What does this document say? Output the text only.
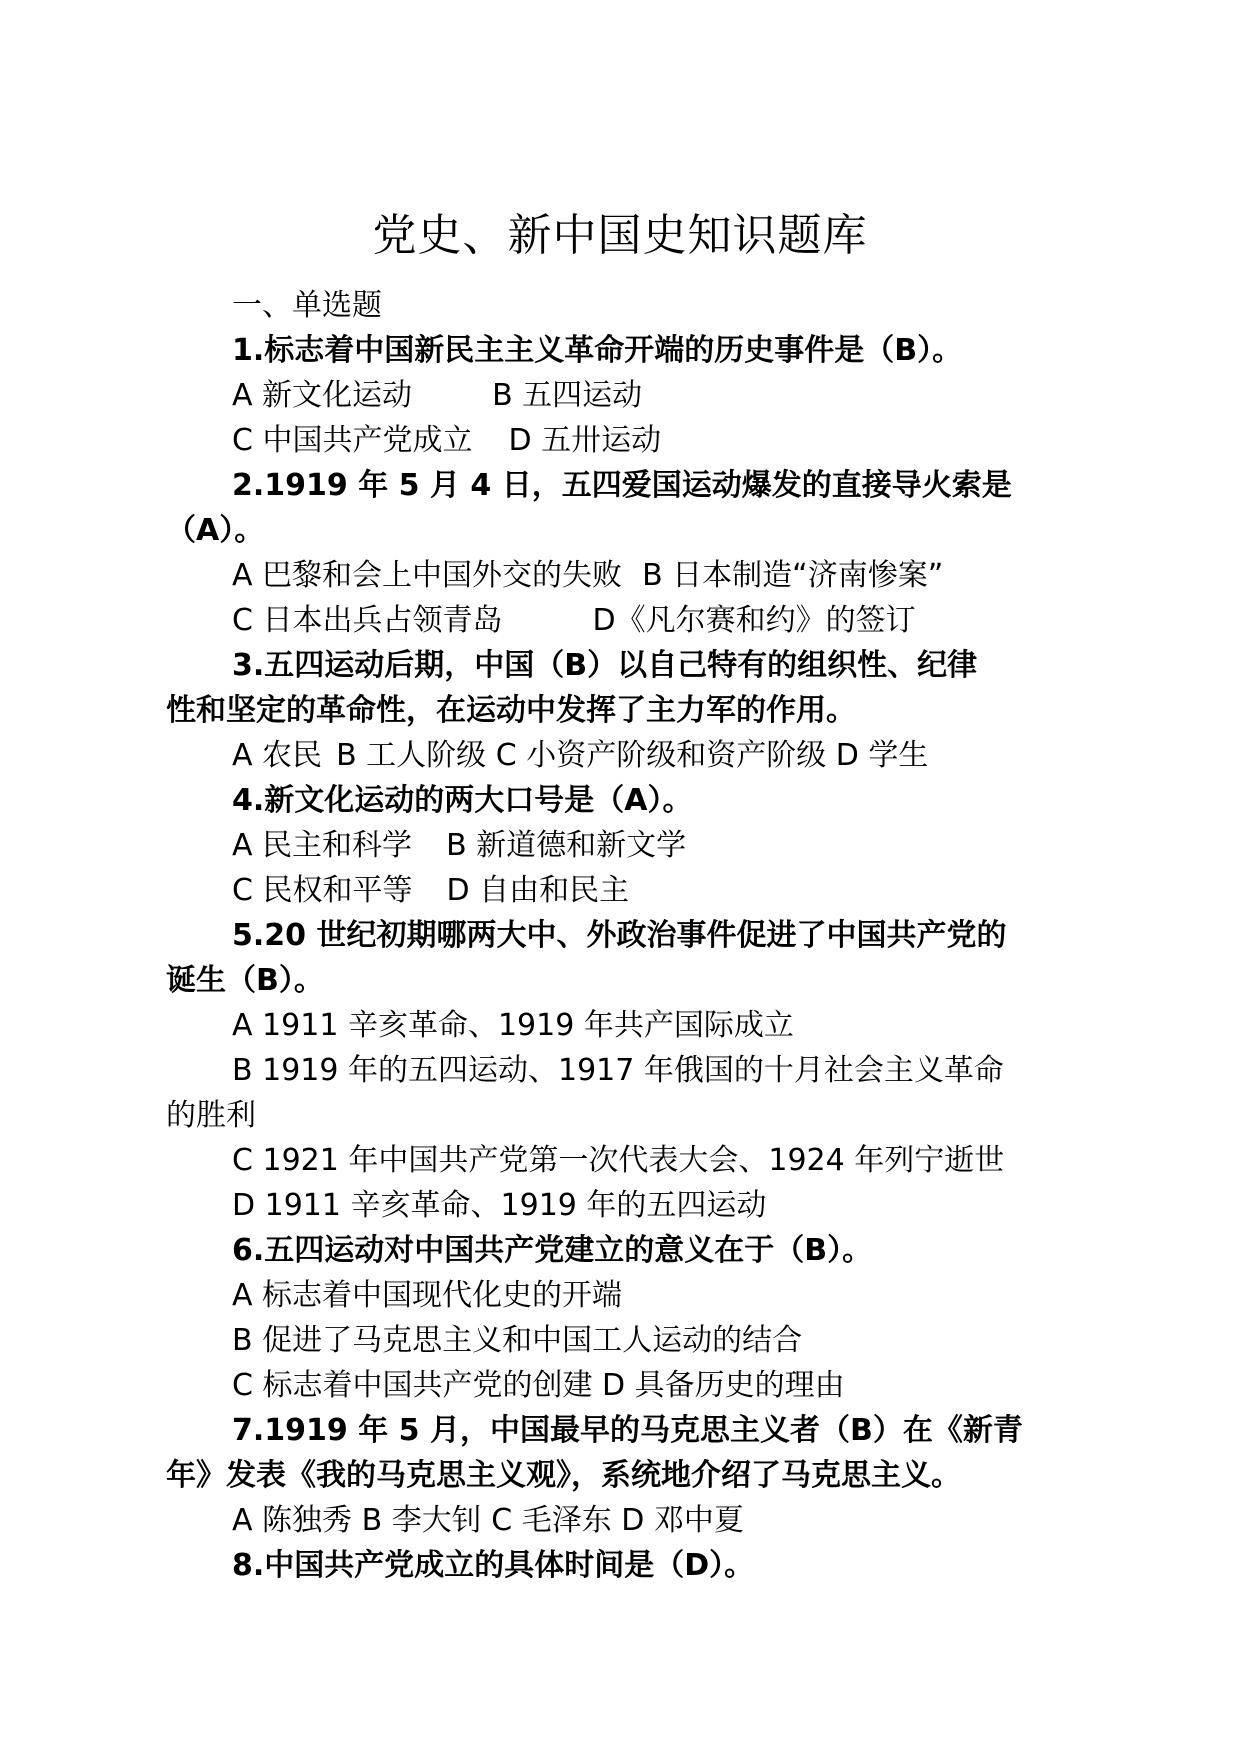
党史、新中国史知识题库

一、单选题

1.标志着中国新民主主义革命开端的历史事件是（B）。

A 新文化运动	B 五四运动

C 中国共产党成立 D 五卅运动

2.1919 年 5 月 4 日，五四爱国运动爆发的直接导火索是

（A）。

A 巴黎和会上中国外交的失败 B 日本制造“济南惨案”

C 日本出兵占领青岛	D《凡尔赛和约》的签订

3.五四运动后期，中国（B）以自己特有的组织性、纪律

性和坚定的革命性，在运动中发挥了主力军的作用。

A 农民 B 工人阶级 C 小资产阶级和资产阶级 D 学生

4.新文化运动的两大口号是（A）。

A 民主和科学 B 新道德和新文学

C 民权和平等 D 自由和民主

5.20 世纪初期哪两大中、外政治事件促进了中国共产党的

诞生（B）。

A 1911 辛亥革命、1919 年共产国际成立

B 1919 年的五四运动、1917 年俄国的十月社会主义革命

的胜利

C 1921 年中国共产党第一次代表大会、1924 年列宁逝世

D 1911 辛亥革命、1919 年的五四运动

6.五四运动对中国共产党建立的意义在于（B）。

A 标志着中国现代化史的开端

B 促进了马克思主义和中国工人运动的结合

C 标志着中国共产党的创建 D 具备历史的理由

7.1919 年 5 月，中国最早的马克思主义者（B）在《新青

年》发表《我的马克思主义观》，系统地介绍了马克思主义。

A 陈独秀 B 李大钊 C 毛泽东 D 邓中夏

8.中国共产党成立的具体时间是（D）。
